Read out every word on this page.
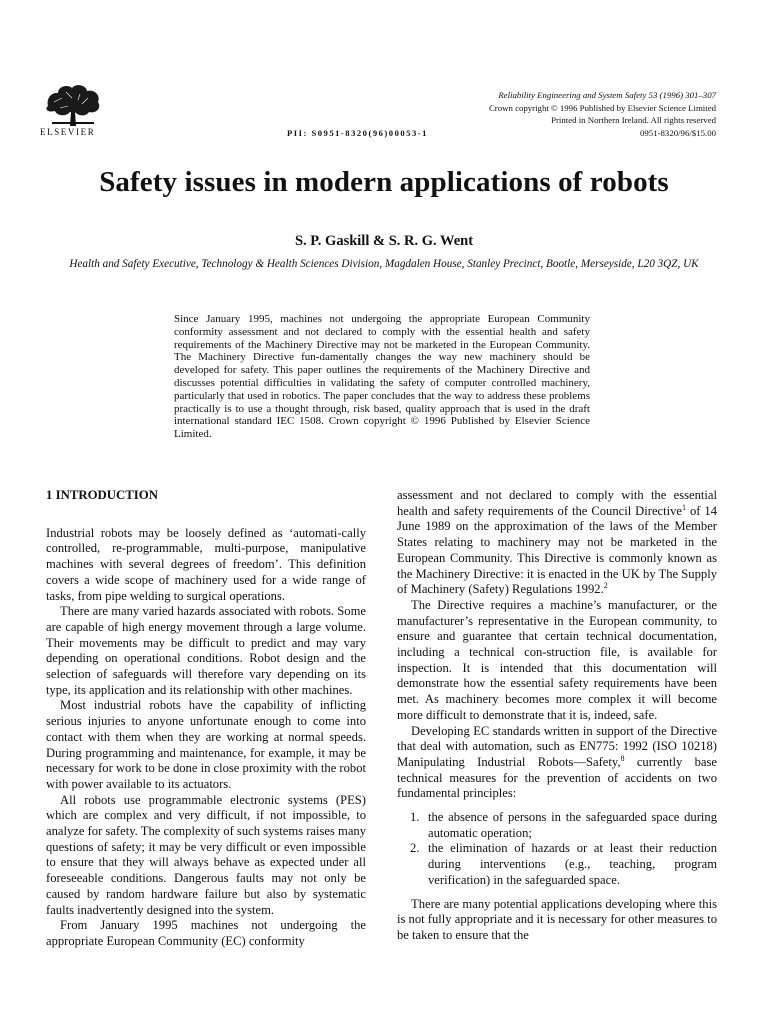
ELSEVIER	PII: S0951-8320(96)00053-1
Reliability Engineering and System Safety 53 (1996) 301–307
Crown copyright © 1996 Published by Elsevier Science Limited
Printed in Northern Ireland. All rights reserved
0951-8320/96/$15.00
Safety issues in modern applications of robots
S. P. Gaskill & S. R. G. Went
Health and Safety Executive, Technology & Health Sciences Division, Magdalen House, Stanley Precinct, Bootle, Merseyside, L20 3QZ, UK

Since January 1995, machines not undergoing the appropriate European Community conformity assessment and not declared to comply with the essential health and safety requirements of the Machinery Directive may not be marketed in the European Community. The Machinery Directive fun-damentally changes the way new machinery should be developed for safety. This paper outlines the requirements of the Machinery Directive and discusses potential difficulties in validating the safety of computer controlled machinery, particularly that used in robotics. The paper concludes that the way to address these problems practically is to use a thought through, risk based, quality approach that is used in the draft international standard IEC 1508. Crown copyright © 1996 Published by Elsevier Science Limited.

1 INTRODUCTION

Industrial robots may be loosely defined as ‘automati-cally controlled, re-programmable, multi-purpose, manipulative machines with several degrees of freedom’. This definition covers a wide scope of machinery used for a wide range of tasks, from pipe welding to surgical operations.

There are many varied hazards associated with robots. Some are capable of high energy movement through a large volume. Their movements may be difficult to predict and may vary depending on operational conditions. Robot design and the selection of safeguards will therefore vary depending on its type, its application and its relationship with other machines.

Most industrial robots have the capability of inflicting serious injuries to anyone unfortunate enough to come into contact with them when they are working at normal speeds. During programming and maintenance, for example, it may be necessary for work to be done in close proximity with the robot with power available to its actuators.

All robots use programmable electronic systems (PES) which are complex and very difficult, if not impossible, to analyze for safety. The complexity of such systems raises many questions of safety; it may be very difficult or even impossible to ensure that they will always behave as expected under all foreseeable conditions. Dangerous faults may not only be caused by random hardware failure but also by systematic faults inadvertently designed into the system.

From January 1995 machines not undergoing the appropriate European Community (EC) conformity

assessment and not declared to comply with the essential health and safety requirements of the Council Directive$^1$ of 14 June 1989 on the approximation of the laws of the Member States relating to machinery may not be marketed in the European Community. This Directive is commonly known as the Machinery Directive: it is enacted in the UK by The Supply of Machinery (Safety) Regulations 1992.$^2$

The Directive requires a machine’s manufacturer, or the manufacturer’s representative in the European community, to ensure and guarantee that certain technical documentation, including a technical con-struction file, is available for inspection. It is intended that this documentation will demonstrate how the essential safety requirements have been met. As machinery becomes more complex it will become more difficult to demonstrate that it is, indeed, safe.

Developing EC standards written in support of the Directive that deal with automation, such as EN775: 1992 (ISO 10218) Manipulating Industrial Robots—Safety,$^8$ currently base technical measures for the prevention of accidents on two fundamental principles:

1. the absence of persons in the safeguarded space during automatic operation;
2. the elimination of hazards or at least their reduction during interventions (e.g., teaching, program verification) in the safeguarded space.

There are many potential applications developing where this is not fully appropriate and it is necessary for other measures to be taken to ensure that the
